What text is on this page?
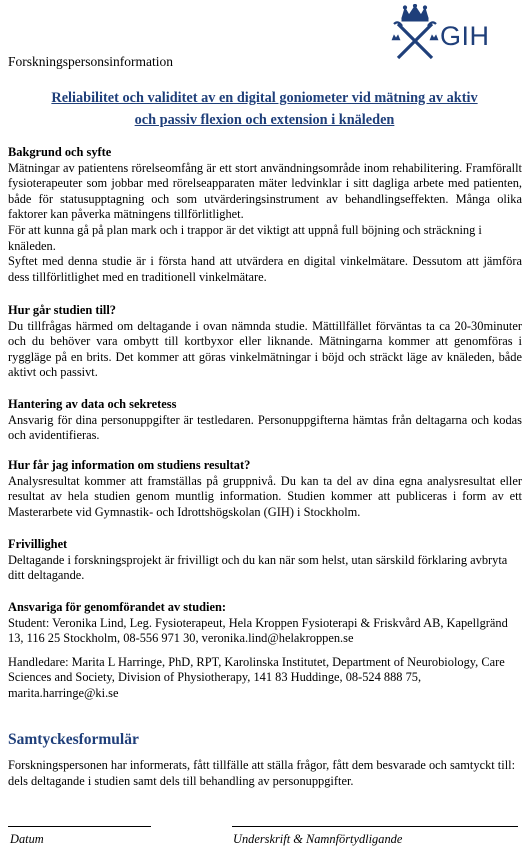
GIH
Forskningspersonsinformation
Reliabilitet och validitet av en digital goniometer vid mätning av aktiv
och passiv flexion och extension i knäleden
Bakgrund och syfte

Mätningar av patientens rörelseomfång är ett stort användningsområde inom rehabilitering. Framförallt fysioterapeuter som jobbar med rörelseapparaten mäter ledvinklar i sitt dagliga arbete med patienten, både för statusupptagning och som utvärderingsinstrument av behandlingseffekten. Många olika faktorer kan påverka mätningens tillförlitlighet.

För att kunna gå på plan mark och i trappor är det viktigt att uppnå full böjning och sträckning i knäleden.

Syftet med denna studie är i första hand att utvärdera en digital vinkelmätare. Dessutom att jämföra dess tillförlitlighet med en traditionell vinkelmätare.

Hur går studien till?

Du tillfrågas härmed om deltagande i ovan nämnda studie. Mättillfället förväntas ta ca 20-30minuter och du behöver vara ombytt till kortbyxor eller liknande. Mätningarna kommer att genomföras i ryggläge på en brits. Det kommer att göras vinkelmätningar i böjd och sträckt läge av knäleden, både aktivt och passivt.

Hantering av data och sekretess

Ansvarig för dina personuppgifter är testledaren. Personuppgifterna hämtas från deltagarna och kodas och avidentifieras.

Hur får jag information om studiens resultat?

Analysresultat kommer att framställas på gruppnivå. Du kan ta del av dina egna analysresultat eller resultat av hela studien genom muntlig information. Studien kommer att publiceras i form av ett Masterarbete vid Gymnastik- och Idrottshögskolan (GIH) i Stockholm.

Frivillighet

Deltagande i forskningsprojekt är frivilligt och du kan när som helst, utan särskild förklaring avbryta ditt deltagande.

Ansvariga för genomförandet av studien:

Student: Veronika Lind, Leg. Fysioterapeut, Hela Kroppen Fysioterapi & Friskvård AB, Kapellgränd 13, 116 25 Stockholm, 08-556 971 30, veronika.lind@helakroppen.se

Handledare: Marita L Harringe, PhD, RPT, Karolinska Institutet, Department of Neurobiology, Care Sciences and Society, Division of Physiotherapy, 141 83 Huddinge, 08-524 888 75, marita.harringe@ki.se

Samtyckesformulär

Forskningspersonen har informerats, fått tillfälle att ställa frågor, fått dem besvarade och samtyckt till: dels deltagande i studien samt dels till behandling av personuppgifter.

Datum	Underskrift & Namnförtydligande
